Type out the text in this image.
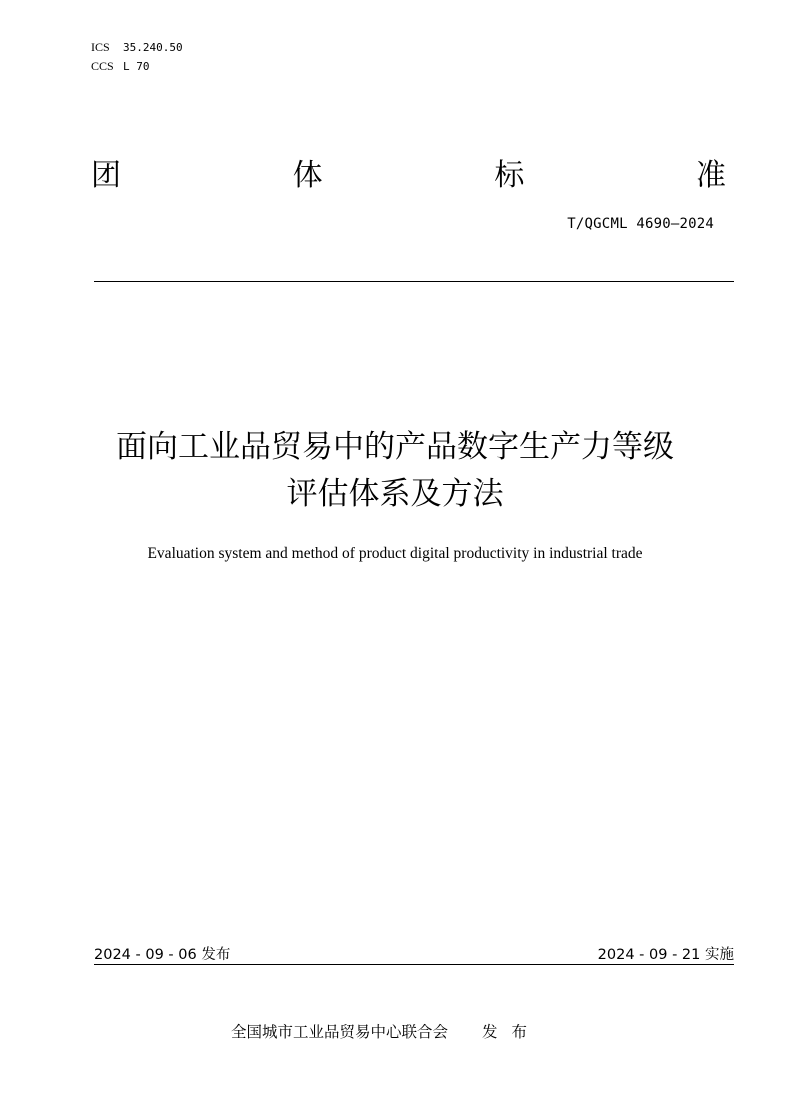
ICS 35.240.50
CCS L 70
团	体	标	准
T/QGCML 4690—2024
面向工业品贸易中的产品数字生产力等级
评估体系及方法
Evaluation system and method of product digital productivity in industrial trade
2024 - 09 - 06 发布	2024 - 09 - 21 实施
全国城市工业品贸易中心联合会 发布
